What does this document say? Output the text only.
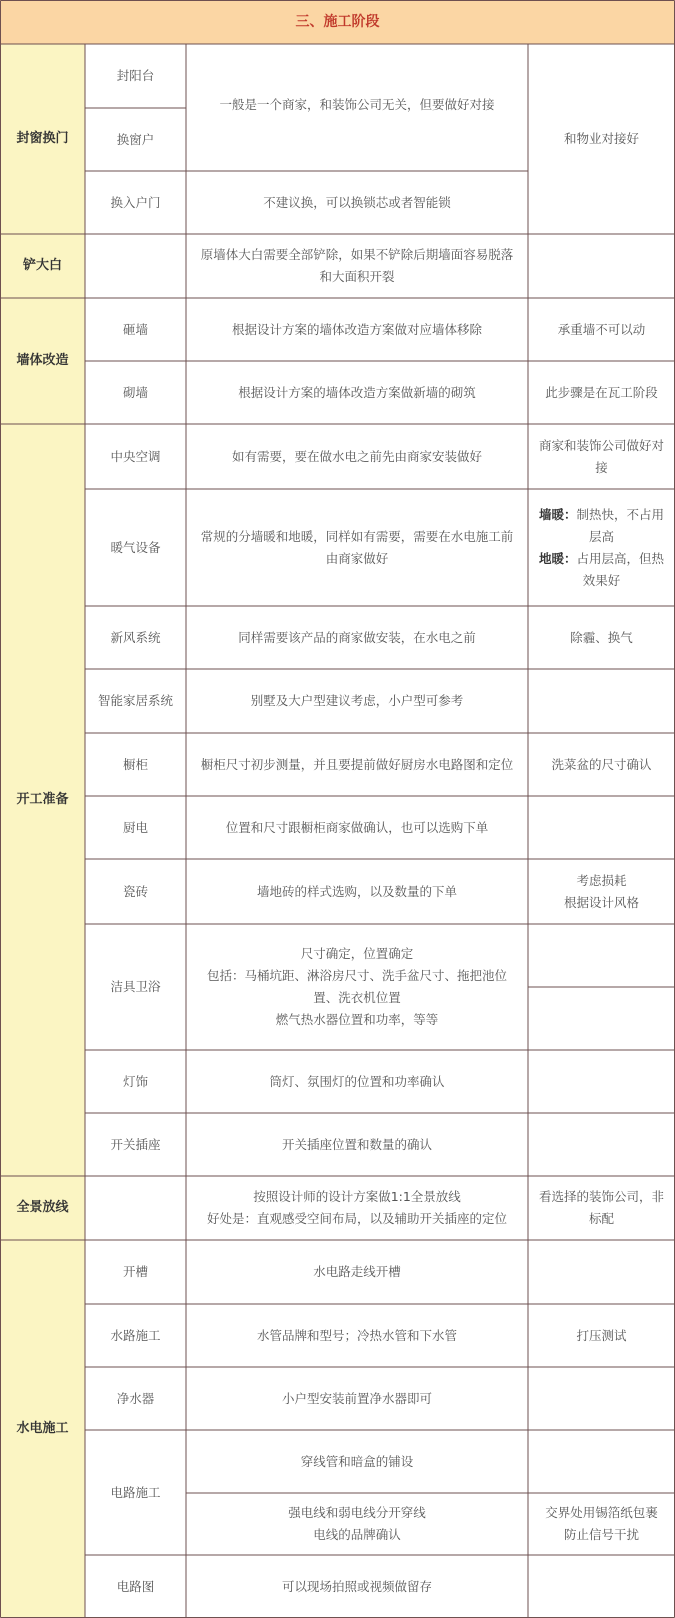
三、施工阶段
封窗换门
铲大白
墙体改造
开工准备
全景放线
水电施工
封阳台
换窗户
换入户门
砸墙
砌墙
中央空调
暖气设备
新风系统
智能家居系统
橱柜
厨电
瓷砖
洁具卫浴
灯饰
开关插座
开槽
水路施工
净水器
电路施工
电路图
一般是一个商家，和装饰公司无关，但要做好对接
不建议换，可以换锁芯或者智能锁
原墙体大白需要全部铲除，如果不铲除后期墙面容易脱落
和大面积开裂
根据设计方案的墙体改造方案做对应墙体移除
根据设计方案的墙体改造方案做新墙的砌筑
如有需要，要在做水电之前先由商家安装做好
常规的分墙暖和地暖，同样如有需要，需要在水电施工前
由商家做好
同样需要该产品的商家做安装，在水电之前
别墅及大户型建议考虑，小户型可参考
橱柜尺寸初步测量，并且要提前做好厨房水电路图和定位
位置和尺寸跟橱柜商家做确认，也可以选购下单
墙地砖的样式选购，以及数量的下单
尺寸确定，位置确定
包括：马桶坑距、淋浴房尺寸、洗手盆尺寸、拖把池位
置、洗衣机位置
燃气热水器位置和功率，等等
筒灯、氛围灯的位置和功率确认
开关插座位置和数量的确认
按照设计师的设计方案做1:1全景放线
好处是：直观感受空间布局，以及辅助开关插座的定位
水电路走线开槽
水管品牌和型号；冷热水管和下水管
小户型安装前置净水器即可
穿线管和暗盒的铺设
强电线和弱电线分开穿线
电线的品牌确认
可以现场拍照或视频做留存
和物业对接好
承重墙不可以动
此步骤是在瓦工阶段
商家和装饰公司做好对
接
墙暖：制热快，不占用
层高
地暖：占用层高，但热
效果好
除霾、换气
洗菜盆的尺寸确认
考虑损耗
根据设计风格
看选择的装饰公司，非
标配
打压测试
交界处用锡箔纸包裹
防止信号干扰
